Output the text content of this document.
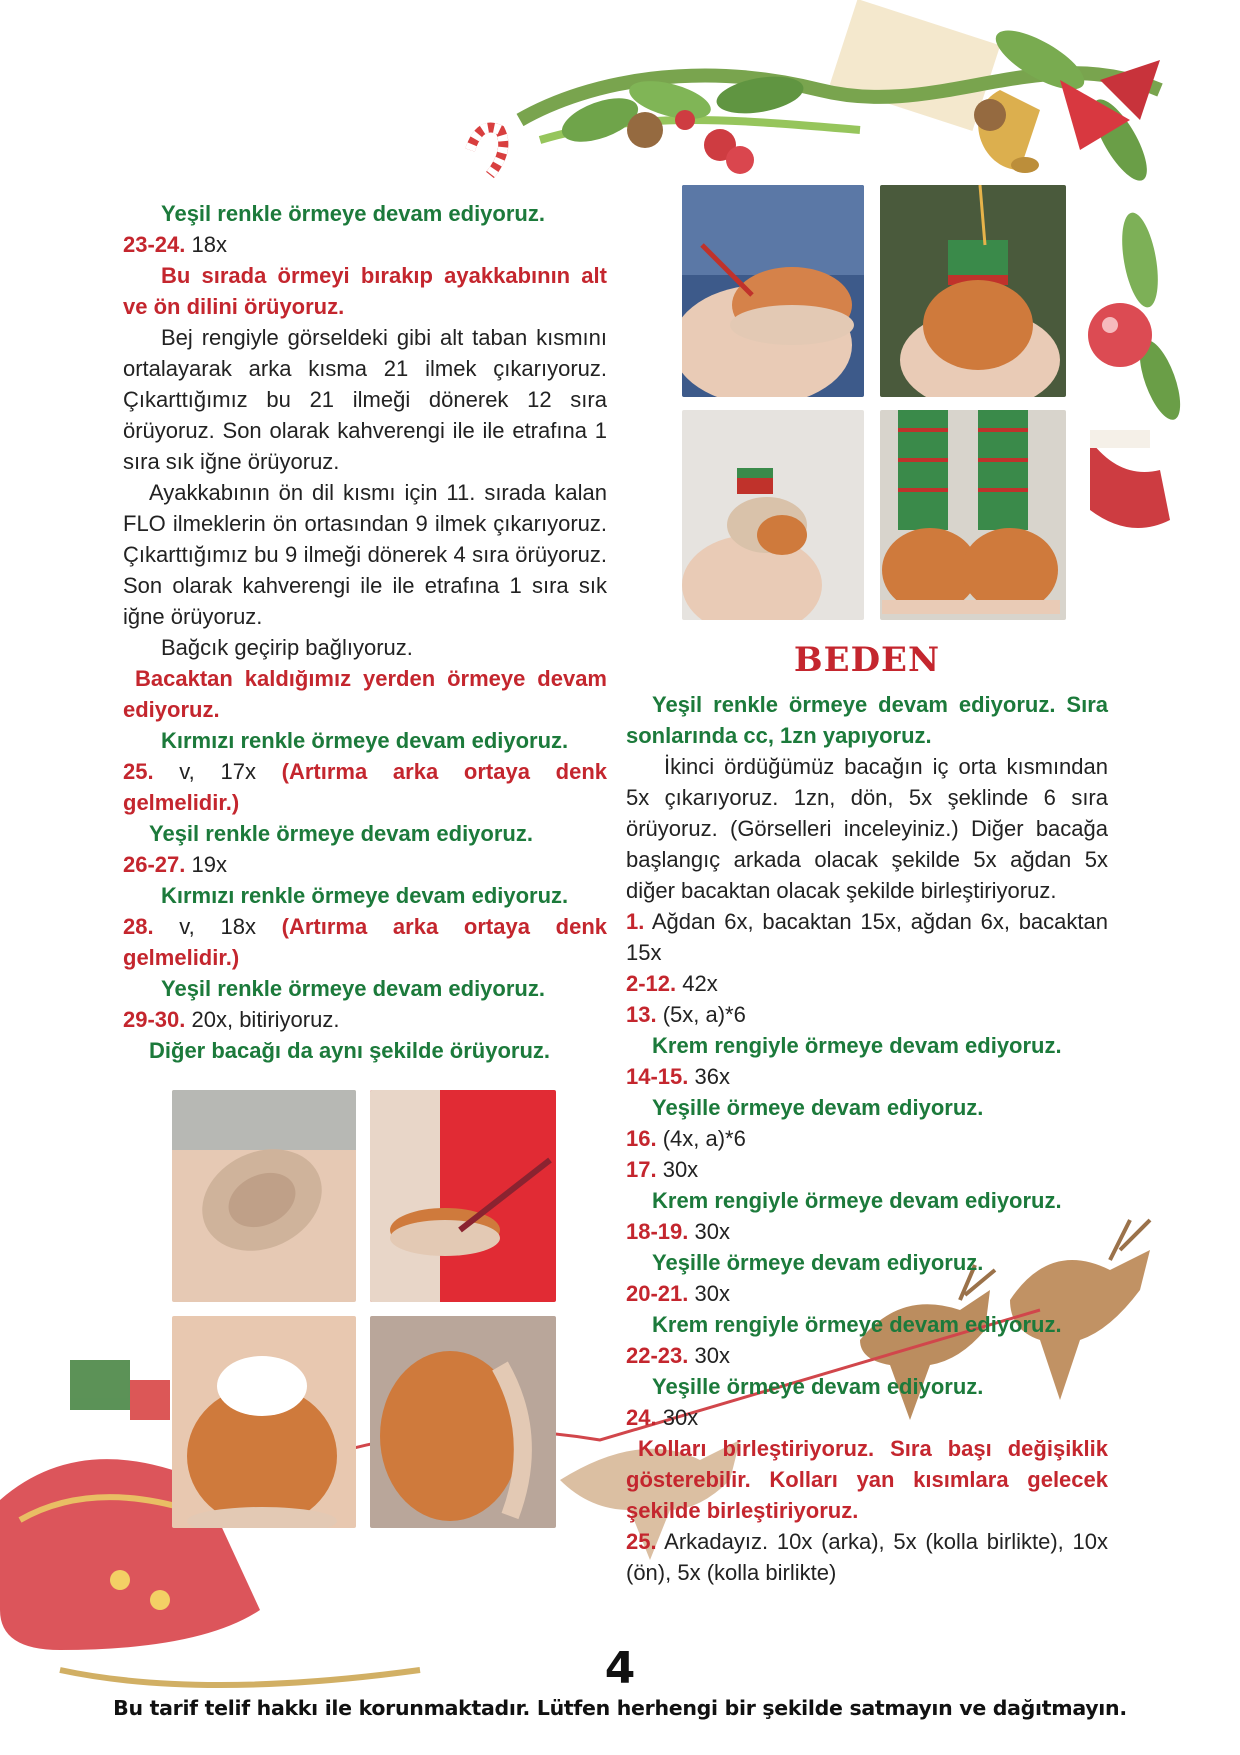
Yeşil renkle örmeye devam ediyoruz.

23-24. 18x

Bu sırada örmeyi bırakıp ayakkabının alt ve ön dilini örüyoruz.

Bej rengiyle görseldeki gibi alt taban kısmını ortalayarak arka kısma 21 ilmek çıkarıyoruz. Çıkarttığımız bu 21 ilmeği dönerek 12 sıra örüyoruz. Son olarak kahverengi ile ile etrafına 1 sıra sık iğne örüyoruz.

Ayakkabının ön dil kısmı için 11. sırada kalan FLO ilmeklerin ön ortasından 9 ilmek çıkarıyoruz. Çıkarttığımız bu 9 ilmeği dönerek 4 sıra örüyoruz. Son olarak kahverengi ile ile etrafına 1 sıra sık iğne örüyoruz.

Bağcık geçirip bağlıyoruz.

Bacaktan kaldığımız yerden örmeye devam ediyoruz.

Kırmızı renkle örmeye devam ediyoruz.

25. v, 17x (Artırma arka ortaya denk gelmelidir.)

Yeşil renkle örmeye devam ediyoruz.

26-27. 19x

Kırmızı renkle örmeye devam ediyoruz.

28. v, 18x (Artırma arka ortaya denk gelmelidir.)

Yeşil renkle örmeye devam ediyoruz.

29-30. 20x, bitiriyoruz.

Diğer bacağı da aynı şekilde örüyoruz.

BEDEN

Yeşil renkle örmeye devam ediyoruz. Sıra sonlarında cc, 1zn yapıyoruz.

İkinci ördüğümüz bacağın iç orta kısmından 5x çıkarıyoruz. 1zn, dön, 5x şeklinde 6 sıra örüyoruz. (Görselleri inceleyiniz.) Diğer bacağa başlangıç arkada olacak şekilde 5x ağdan 5x diğer bacaktan olacak şekilde birleştiriyoruz.

1. Ağdan 6x, bacaktan 15x, ağdan 6x, bacaktan 15x

2-12. 42x

13. (5x, a)*6

Krem rengiyle örmeye devam ediyoruz.

14-15. 36x

Yeşille örmeye devam ediyoruz.

16. (4x, a)*6

17. 30x

Krem rengiyle örmeye devam ediyoruz.

18-19. 30x

Yeşille örmeye devam ediyoruz.

20-21. 30x

Krem rengiyle örmeye devam ediyoruz.

22-23. 30x

Yeşille örmeye devam ediyoruz.

24. 30x

Kolları birleştiriyoruz. Sıra başı değişiklik gösterebilir. Kolları yan kısımlara gelecek şekilde birleştiriyoruz.

25. Arkadayız. 10x (arka), 5x (kolla birlikte), 10x (ön), 5x (kolla birlikte)

4
Bu tarif telif hakkı ile korunmaktadır. Lütfen herhengi bir şekilde satmayın ve dağıtmayın.
